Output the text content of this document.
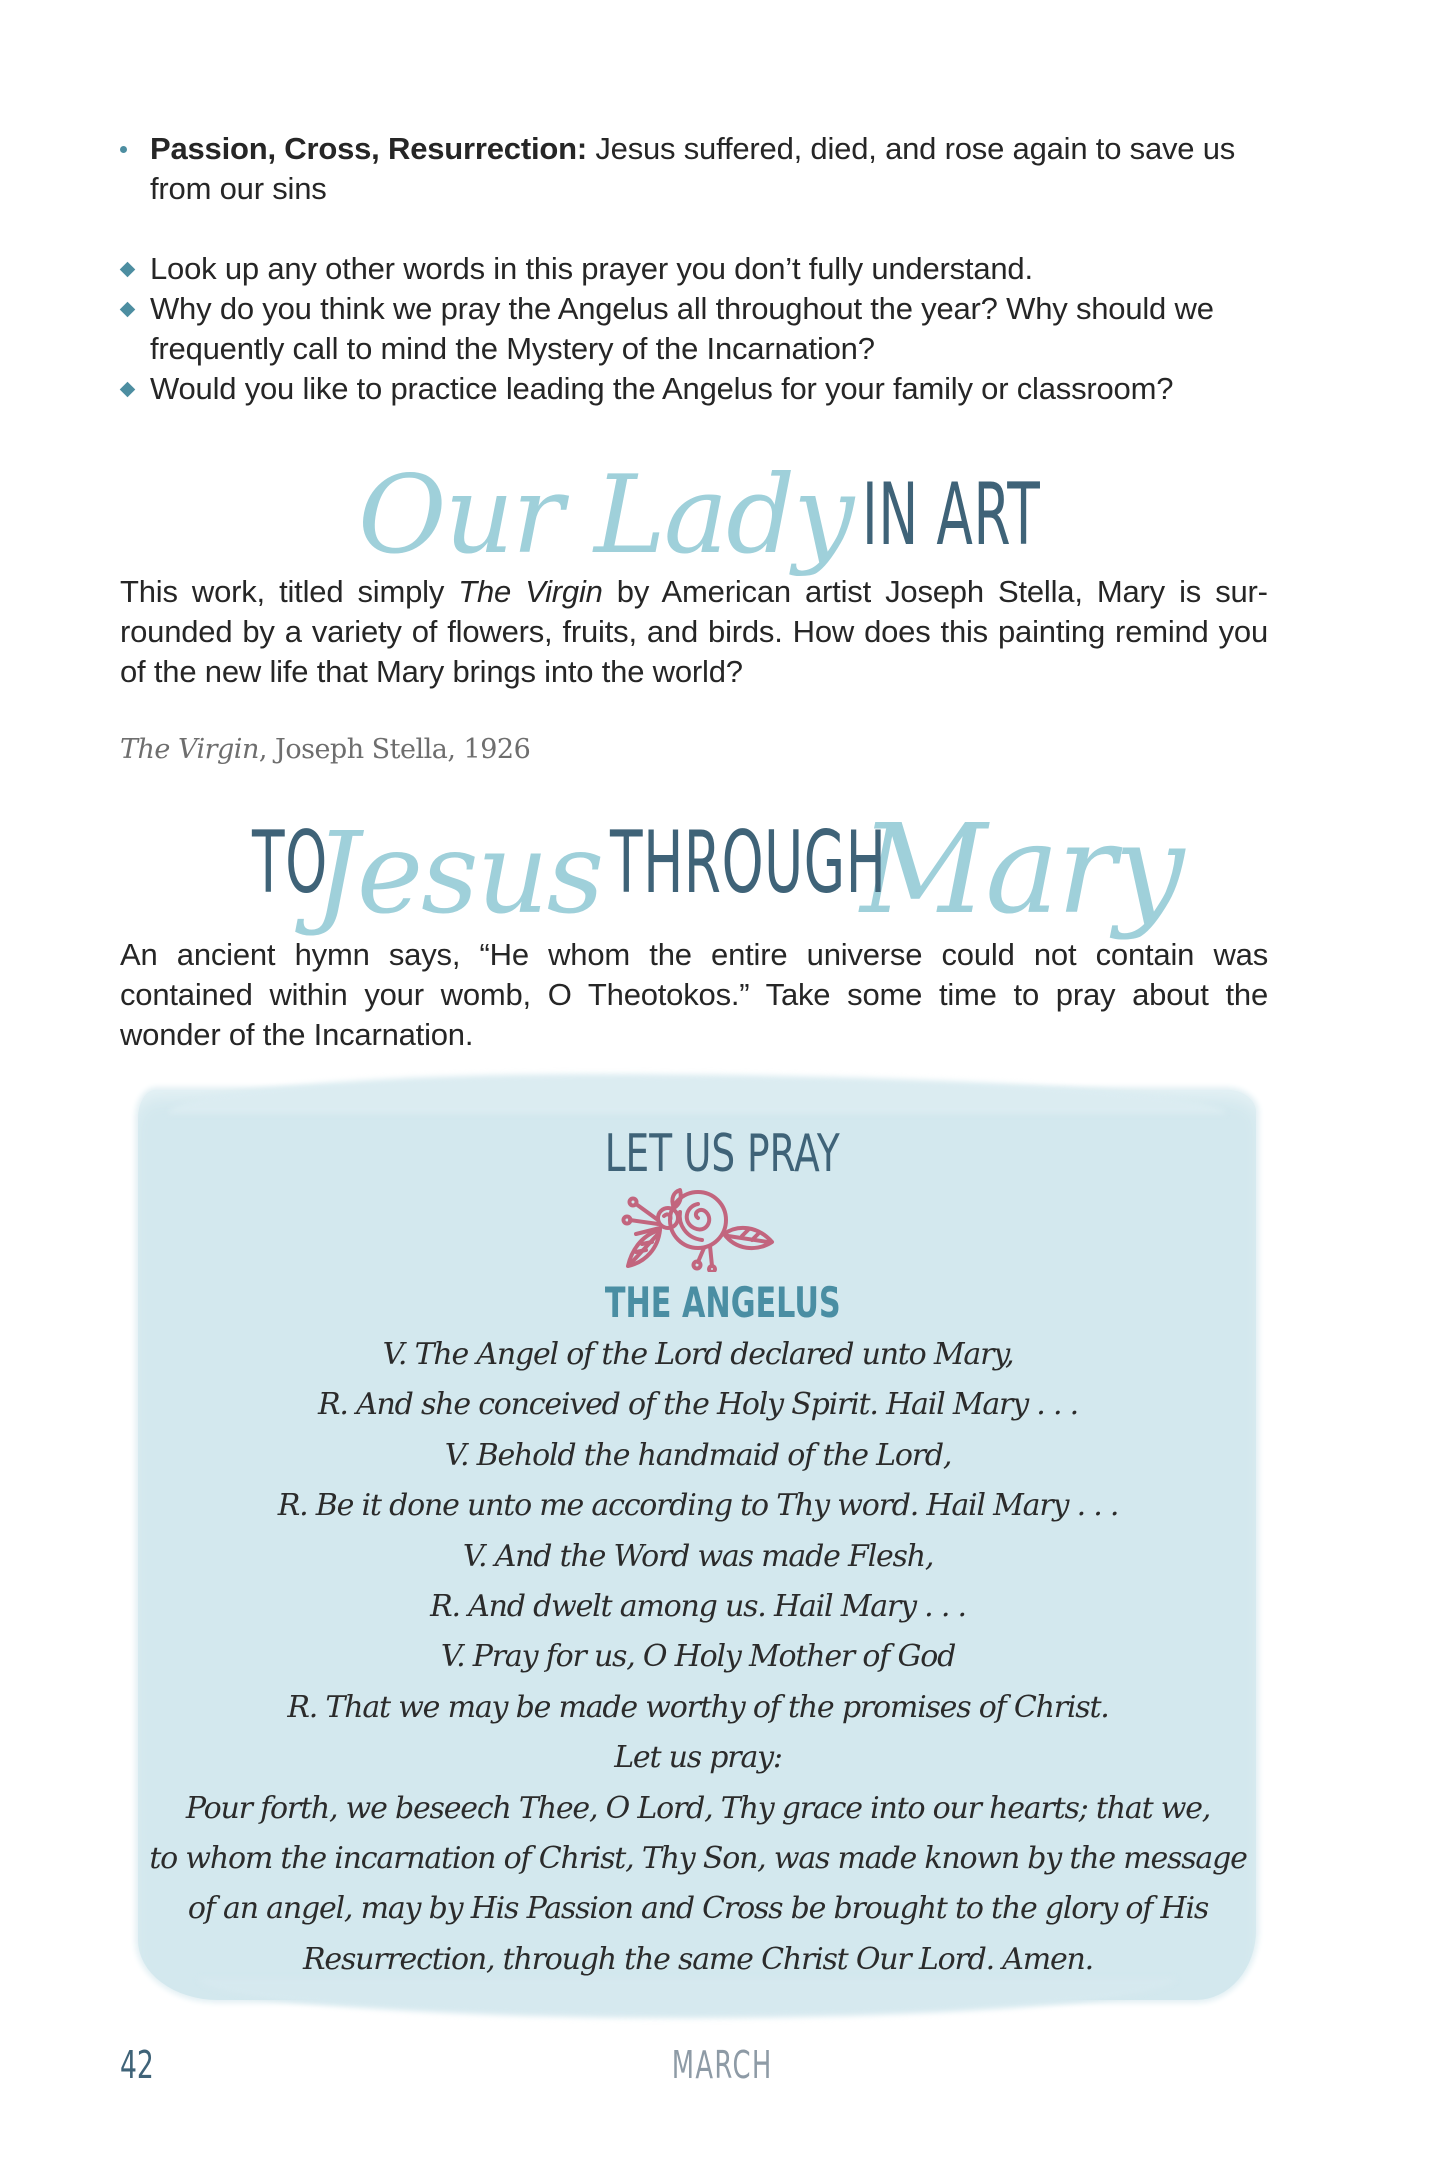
Passion, Cross, Resurrection: Jesus suffered, died, and rose again to save us from our sins
Look up any other words in this prayer you don’t fully understand.
Why do you think we pray the Angelus all throughout the year? Why should we frequently call to mind the Mystery of the Incarnation?
Would you like to practice leading the Angelus for your family or classroom?
Our Lady IN ART

This work, titled simply The Virgin by American artist Joseph Stella, Mary is surrounded by a variety of flowers, fruits, and birds. How does this painting remind you of the new life that Mary brings into the world?

The Virgin, Joseph Stella, 1926
TO
Jesus THROUGH
Mary

An ancient hymn says, “He whom the entire universe could not contain was contained within your womb, O Theotokos.” Take some time to pray about the wonder of the Incarnation.

LET US PRAY
THE ANGELUS
V. The Angel of the Lord declared unto Mary,
R. And she conceived of the Holy Spirit. Hail Mary . . .
V. Behold the handmaid of the Lord,
R. Be it done unto me according to Thy word. Hail Mary . . .
V. And the Word was made Flesh,
R. And dwelt among us. Hail Mary . . .
V. Pray for us, O Holy Mother of God
R. That we may be made worthy of the promises of Christ.
Let us pray:
Pour forth, we beseech Thee, O Lord, Thy grace into our hearts; that we,
to whom the incarnation of Christ, Thy Son, was made known by the message
of an angel, may by His Passion and Cross be brought to the glory of His
Resurrection, through the same Christ Our Lord. Amen.
42	MARCH
